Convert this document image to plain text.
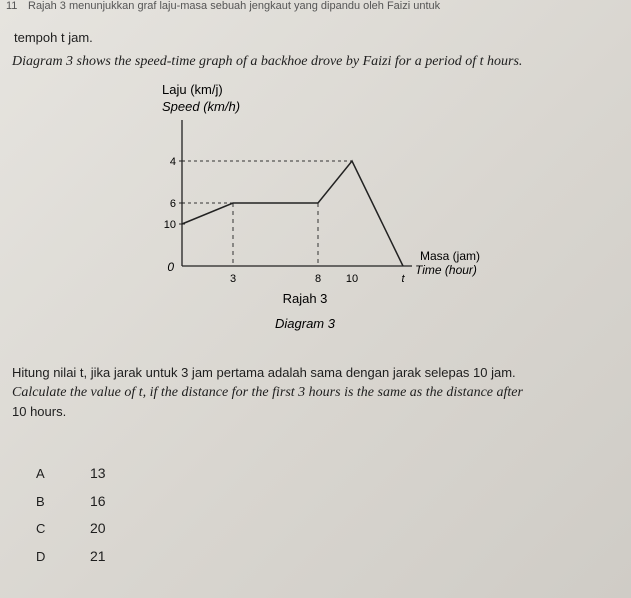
11 Rajah 3 menunjukkan graf laju-masa sebuah jengkaut yang dipandu oleh Faizi untuk
tempoh t jam.
Diagram 3 shows the speed-time graph of a backhoe drove by Faizi for a period of t hours.
Laju (km/j)
Speed (km/h)
0
10
6
4
3	8 10	t
Masa (jam)
Time (hour)
Rajah 3
Diagram 3
Hitung nilai t, jika jarak untuk 3 jam pertama adalah sama dengan jarak selepas 10 jam.
Calculate the value of t, if the distance for the first 3 hours is the same as the distance after
10 hours.
A	13
B	16
C	20
D	21
